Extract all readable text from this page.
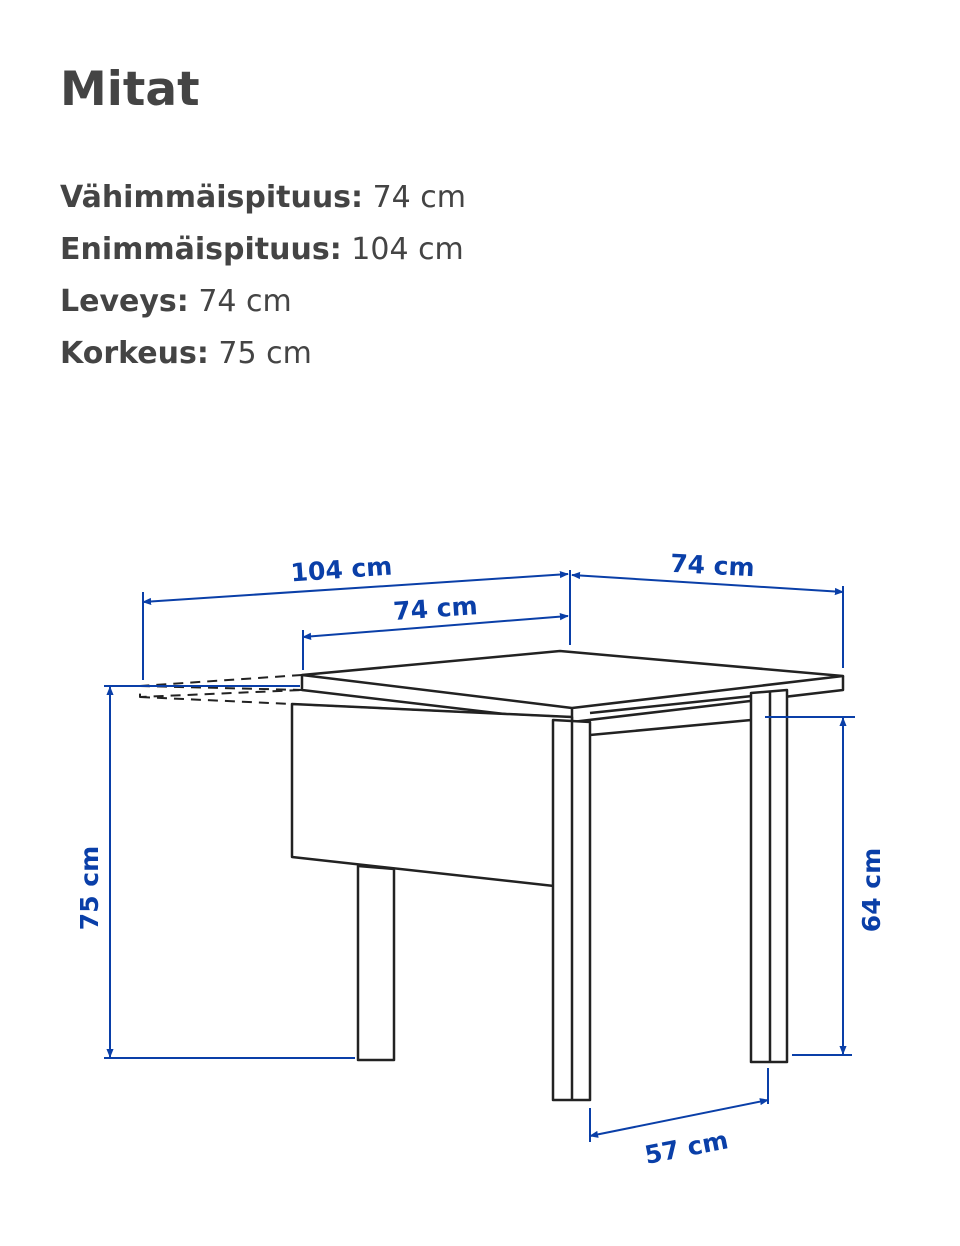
Mitat
Vähimmäispituus: 74 cm
Enimmäispituus: 104 cm
Leveys: 74 cm
Korkeus: 75 cm
104 cm
74 cm
74 cm
75 cm	64 cm
57 cm
